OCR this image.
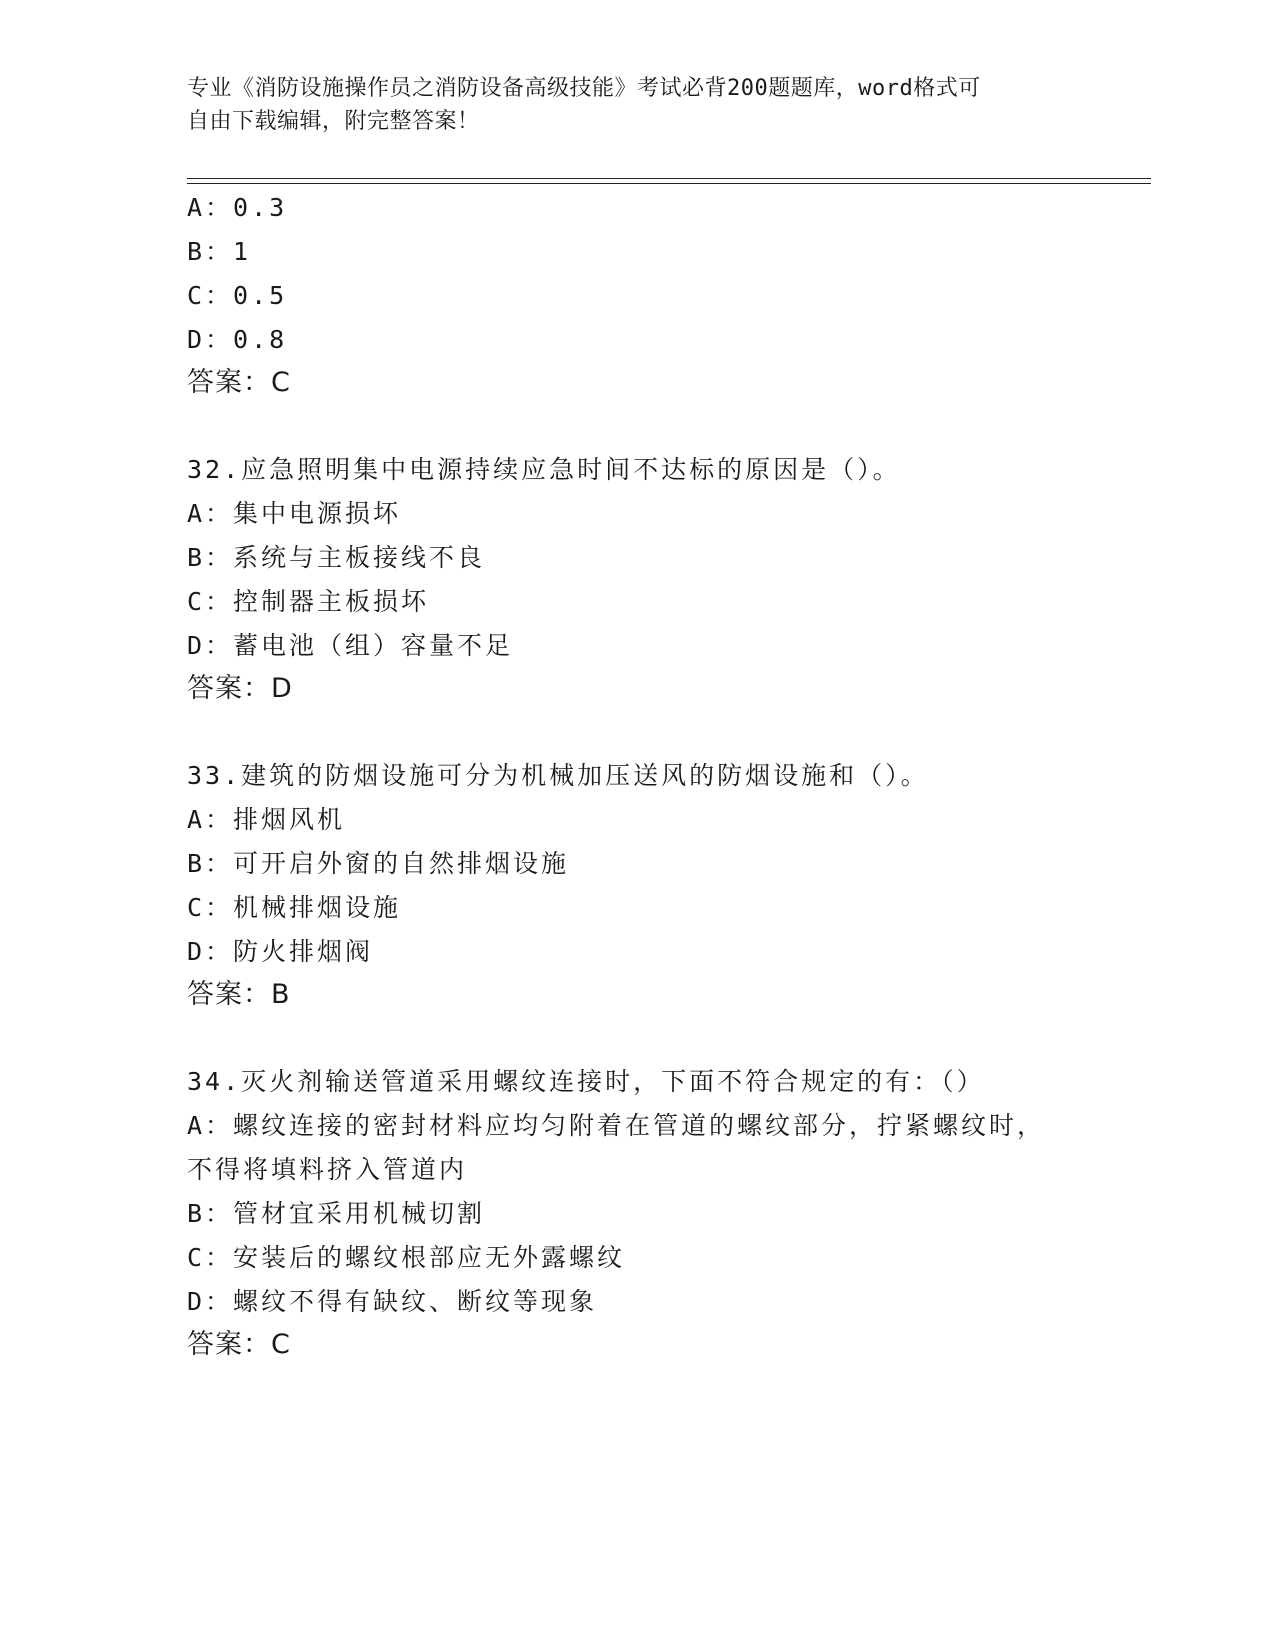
专业《消防设施操作员之消防设备高级技能》考试必背200题题库，word格式可
自由下载编辑，附完整答案！
A：0.3
B：1
C：0.5
D：0.8
答案：C
32.应急照明集中电源持续应急时间不达标的原因是（）。
A：集中电源损坏
B：系统与主板接线不良
C：控制器主板损坏
D：蓄电池（组）容量不足
答案：D
33.建筑的防烟设施可分为机械加压送风的防烟设施和（）。
A：排烟风机
B：可开启外窗的自然排烟设施
C：机械排烟设施
D：防火排烟阀
答案：B
34.灭火剂输送管道采用螺纹连接时，下面不符合规定的有：（）
A：螺纹连接的密封材料应均匀附着在管道的螺纹部分，拧紧螺纹时，
不得将填料挤入管道内
B：管材宜采用机械切割
C：安装后的螺纹根部应无外露螺纹
D：螺纹不得有缺纹、断纹等现象
答案：C
